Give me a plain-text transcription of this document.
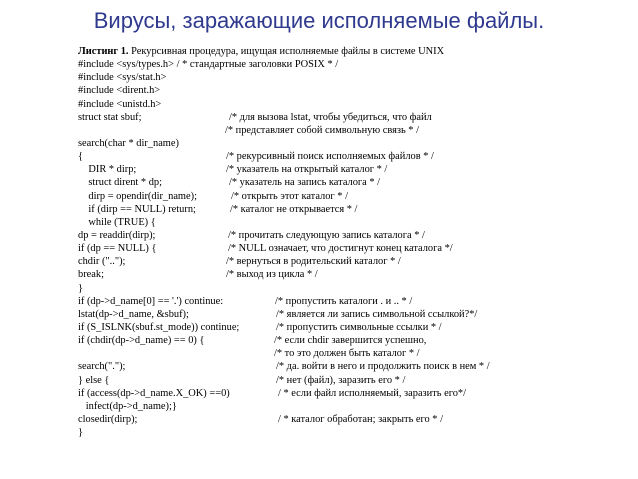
Вирусы, заражающие исполняемые файлы.
Листинг 1. Рекурсивная процедура, ищущая исполняемые файлы в системе UNIX
#include <sys/types.h> / * стандартные заголовки POSIX * /
#include <sys/stat.h>
#include <dirent.h>
#include <unistd.h>
struct stat sbuf;	/* для вызова lstat, чтобы убедиться, что файл
/* представляет собой символьную связь * /
search(char * dir_name)
{	/* рекурсивный поиск исполняемых файлов * /
DIR * dirp;	/* указатель на открытый каталог * /
struct dirent * dp;	/* указатель на запись каталога * /
dirp = opendir(dir_name);	/* открыть этот каталог * /
if (dirp == NULL) return;	/* каталог не открывается * /
while (TRUE) {
dp = readdir(dirp);	/* прочитать следующую запись каталога * /
if (dp == NULL) {	/* NULL означает, что достигнут конец каталога */
chdir ("..");	/* вернуться в родительский каталог * /
break;	/* выход из цикла * /
}
if (dp->d_name[0] == '.') continue:	/* пропустить каталоги . и .. * /
lstat(dp->d_name, &sbuf);	/* является ли запись символьной ссылкой?*/
if (S_ISLNK(sbuf.st_mode)) continue;	/* пропустить символьные ссылки * /
if (chdir(dp->d_name) == 0) {	/* если chdir завершится успешно,
/* то это должен быть каталог * /
search(".");	/* да. войти в него и продолжить поиск в нем * /
} else {	/* нет (файл), заразить его * /
if (access(dp->d_name.X_OK) ==0)	/ * если файл исполняемый, заразить его*/
infect(dp->d_name);}
closedir(dirp);	/ * каталог обработан; закрыть его * /
}
